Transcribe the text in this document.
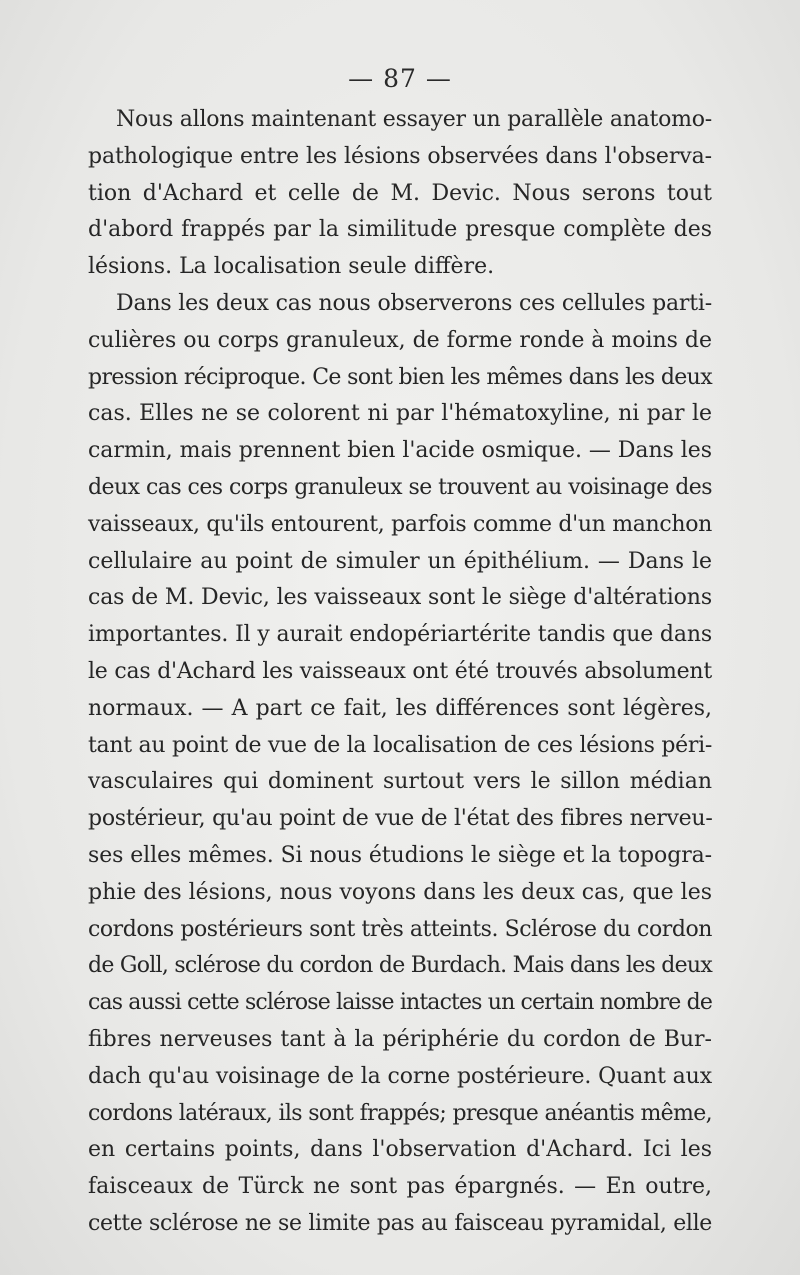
— 87 —
Nous allons maintenant essayer un parallèle anatomo-
pathologique entre les lésions observées dans l'observa-
tion d'Achard et celle de M. Devic. Nous serons tout
d'abord frappés par la similitude presque complète des
lésions. La localisation seule diffère.
Dans les deux cas nous observerons ces cellules parti-
culières ou corps granuleux, de forme ronde à moins de
pression réciproque. Ce sont bien les mêmes dans les deux
cas. Elles ne se colorent ni par l'hématoxyline, ni par le
carmin, mais prennent bien l'acide osmique. — Dans les
deux cas ces corps granuleux se trouvent au voisinage des
vaisseaux, qu'ils entourent, parfois comme d'un manchon
cellulaire au point de simuler un épithélium. — Dans le
cas de M. Devic, les vaisseaux sont le siège d'altérations
importantes. Il y aurait endopériartérite tandis que dans
le cas d'Achard les vaisseaux ont été trouvés absolument
normaux. — A part ce fait, les différences sont légères,
tant au point de vue de la localisation de ces lésions péri-
vasculaires qui dominent surtout vers le sillon médian
postérieur, qu'au point de vue de l'état des fibres nerveu-
ses elles mêmes. Si nous étudions le siège et la topogra-
phie des lésions, nous voyons dans les deux cas, que les
cordons postérieurs sont très atteints. Sclérose du cordon
de Goll, sclérose du cordon de Burdach. Mais dans les deux
cas aussi cette sclérose laisse intactes un certain nombre de
fibres nerveuses tant à la périphérie du cordon de Bur-
dach qu'au voisinage de la corne postérieure. Quant aux
cordons latéraux, ils sont frappés; presque anéantis même,
en certains points, dans l'observation d'Achard. Ici les
faisceaux de Türck ne sont pas épargnés. — En outre,
cette sclérose ne se limite pas au faisceau pyramidal, elle
